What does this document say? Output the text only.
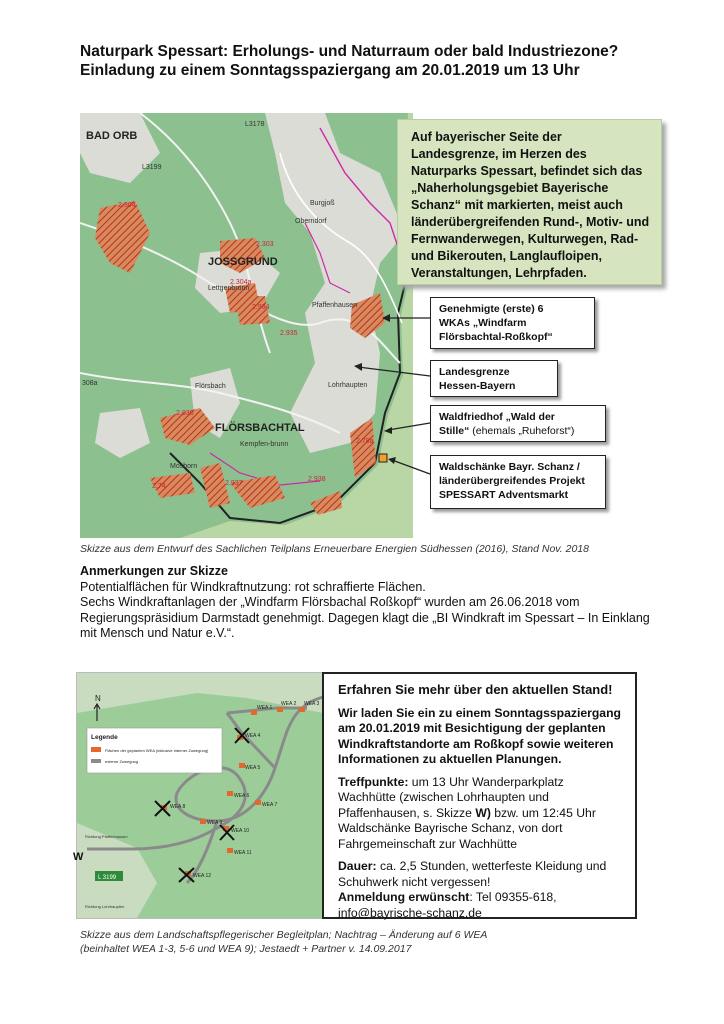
Naturpark Spessart: Erholungs- und Naturraum oder bald Industriezone?
Einladung zu einem Sonntagsspaziergang am 20.01.2019 um 13 Uhr
BAD ORB
JOSSGRUND
FLÖRSBACHTAL
Burgjoß
Oberndorf
Lettgenbrunn
Pfaffenhausen
Lohrhaupten
Flörsbach
Kempfen-brunn
Mosborn
2.304
2.303
2.304a
2.934
2.935
2.930
2.937
2.74
2.78a
2.938
L3178
L3199
308a
Auf bayerischer Seite der Landesgrenze, im Herzen des Naturparks Spessart, befindet sich das „Naherholungsgebiet Bayerische Schanz“ mit markierten, meist auch länderübergreifenden Rund-, Motiv- und Fernwanderwegen, Kulturwegen, Rad- und Bikerouten, Langlaufloipen, Veranstaltungen, Lehrpfaden.
Genehmigte (erste) 6
WKAs „Windfarm
Flörsbachtal-Roßkopf“
Landesgrenze
Hessen-Bayern
Waldfriedhof „Wald der
Stille“ (ehemals „Ruheforst“)
Waldschänke Bayr. Schanz /
länderübergreifendes Projekt
SPESSART Adventsmarkt
Skizze aus dem Entwurf des Sachlichen Teilplans Erneuerbare Energien Südhessen (2016), Stand Nov. 2018
Anmerkungen zur Skizze
Potentialflächen für Windkraftnutzung: rot schraffierte Flächen.
Sechs Windkraftanlagen der „Windfarm Flörsbachal Roßkopf“ wurden am 26.06.2018 vom Regierungspräsidium Darmstadt genehmigt. Dagegen klagt die „BI Windkraft im Spessart – In Einklang mit Mensch und Natur e.V.“.
Legende
Flächen der geplanten WEA (inklusive interner Zuwegung)
externe Zuwegung
N
WEA 1
WEA 2 WEA 3
WEA 4
WEA 5
WEA 6
WEA 7
WEA 8
WEA 9
WEA 10
WEA 11
WEA 12
L 3199
Richtung Pfaffenhausen
Richtung Lohrhaupten
W
Erfahren Sie mehr über den aktuellen Stand!

Wir laden Sie ein zu einem Sonntagsspaziergang am 20.01.2019 mit Besichtigung der geplanten Windkraftstandorte am Roßkopf sowie weiteren Informationen zu aktuellen Planungen.

Treffpunkte: um 13 Uhr Wanderparkplatz Wachhütte (zwischen Lohrhaupten und Pfaffenhausen, s. Skizze W) bzw. um 12:45 Uhr Waldschänke Bayrische Schanz, von dort Fahrgemeinschaft zur Wachhütte

Dauer: ca. 2,5 Stunden, wetterfeste Kleidung und Schuhwerk nicht vergessen!

Anmeldung erwünscht: Tel 09355-618, info@bayrische-schanz.de

Skizze aus dem Landschaftspflegerischer Begleitplan; Nachtrag – Änderung auf 6 WEA
(beinhaltet WEA 1-3, 5-6 und WEA 9); Jestaedt + Partner v. 14.09.2017
